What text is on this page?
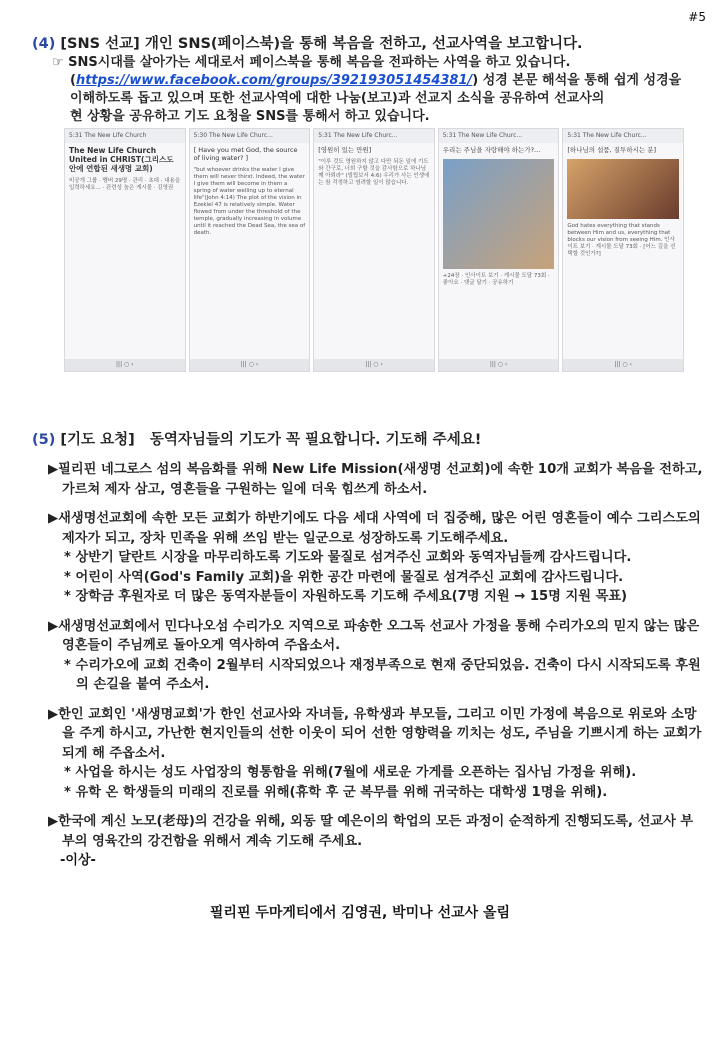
#5
(4) [SNS 선교] 개인 SNS(페이스북)을 통해 복음을 전하고, 선교사역을 보고합니다.
☞ SNS시대를 살아가는 세대로서 페이스북을 통해 복음을 전파하는 사역을 하고 있습니다.
(https://www.facebook.com/groups/392193051454381/) 성경 본문 해석을 통해 쉽게 성경을
이해하도록 돕고 있으며 또한 선교사역에 대한 나눔(보고)과 선교지 소식을 공유하여 선교사의
현 상황을 공유하고 기도 요청을 SNS를 통해서 하고 있습니다.
5:31 The New Life Church
The New Life Church United in CHRIST(그리스도 안에 연합된 새생명 교회)
비공개 그룹 · 멤버 29명 · 관리 · 초대 · 내용을 입력하세요... · 관련성 높은 게시물 · 김영권
||| ○ ‹
5:30 The New Life Churc...
[ Have you met God, the source of living water? ]
"but whoever drinks the water I give them will never thirst. Indeed, the water I give them will become in them a spring of water welling up to eternal life"(John 4:14) The plot of the vision in Ezekiel 47 is relatively simple. Water flowed from under the threshold of the temple, gradually increasing in volume until it reached the Dead Sea, the sea of death.
||| ○ ‹
5:31 The New Life Churc...
[영원히 있는 만원]
"이루 것도 영원하지 않고 다만 되돈 일에 기도와 간구로, 너희 구할 것을 감사함으로 하나님께 아뢰라" (빌립보서 4:6) 우리가 사는 인생에는 참 걱정하고 염려할 일이 많습니다.
||| ○ ‹
5:31 The New Life Churc...
우리는 주님을 자랑해야 하는가?...
+24장 · 인사이트 보기 · 게시물 도달 73회 · 좋아요 · 댓글 달기 · 공유하기
||| ○ ‹
5:31 The New Life Churc...
[하나님의 섭품, 질투하시는 분]
God hates everything that stands between Him and us, everything that blocks our vision from seeing Him. 인사이트 보기 · 게시물 도달 73회 · [어느 길을 선택할 것인가?]
||| ○ ‹
(5) [기도 요청] 동역자님들의 기도가 꼭 필요합니다. 기도해 주세요!
▶필리핀 네그로스 섬의 복음화를 위해 New Life Mission(새생명 선교회)에 속한 10개 교회가 복음을 전하고, 가르쳐 제자 삼고, 영혼들을 구원하는 일에 더욱 힘쓰게 하소서.
▶새생명선교회에 속한 모든 교회가 하반기에도 다음 세대 사역에 더 집중해, 많은 어린 영혼들이 예수 그리스도의 제자가 되고, 장차 민족을 위해 쓰임 받는 일군으로 성장하도록 기도해주세요.
* 상반기 달란트 시장을 마무리하도록 기도와 물질로 섬겨주신 교회와 동역자님들께 감사드립니다.
* 어린이 사역(God's Family 교회)을 위한 공간 마련에 물질로 섬겨주신 교회에 감사드립니다.
* 장학금 후원자로 더 많은 동역자분들이 자원하도록 기도해 주세요(7명 지원 → 15명 지원 목표)
▶새생명선교회에서 민다나오섬 수리가오 지역으로 파송한 오그독 선교사 가정을 통해 수리가오의 믿지 않는 많은 영혼들이 주님께로 돌아오게 역사하여 주옵소서.
* 수리가오에 교회 건축이 2월부터 시작되었으나 재정부족으로 현재 중단되었음. 건축이 다시 시작되도록 후원의 손길을 붙여 주소서.
▶한인 교회인 '새생명교회'가 한인 선교사와 자녀들, 유학생과 부모들, 그리고 이민 가정에 복음으로 위로와 소망을 주게 하시고, 가난한 현지인들의 선한 이웃이 되어 선한 영향력을 끼치는 성도, 주님을 기쁘시게 하는 교회가 되게 해 주옵소서.
* 사업을 하시는 성도 사업장의 형통함을 위해(7월에 새로운 가게를 오픈하는 집사님 가정을 위해).
* 유학 온 학생들의 미래의 진로를 위해(휴학 후 군 복무를 위해 귀국하는 대학생 1명을 위해).
▶한국에 계신 노모(老母)의 건강을 위해, 외동 딸 예은이의 학업의 모든 과정이 순적하게 진행되도록, 선교사 부부의 영육간의 강건함을 위해서 계속 기도해 주세요.
-이상-
필리핀 두마게티에서 김영권, 박미나 선교사 올림
